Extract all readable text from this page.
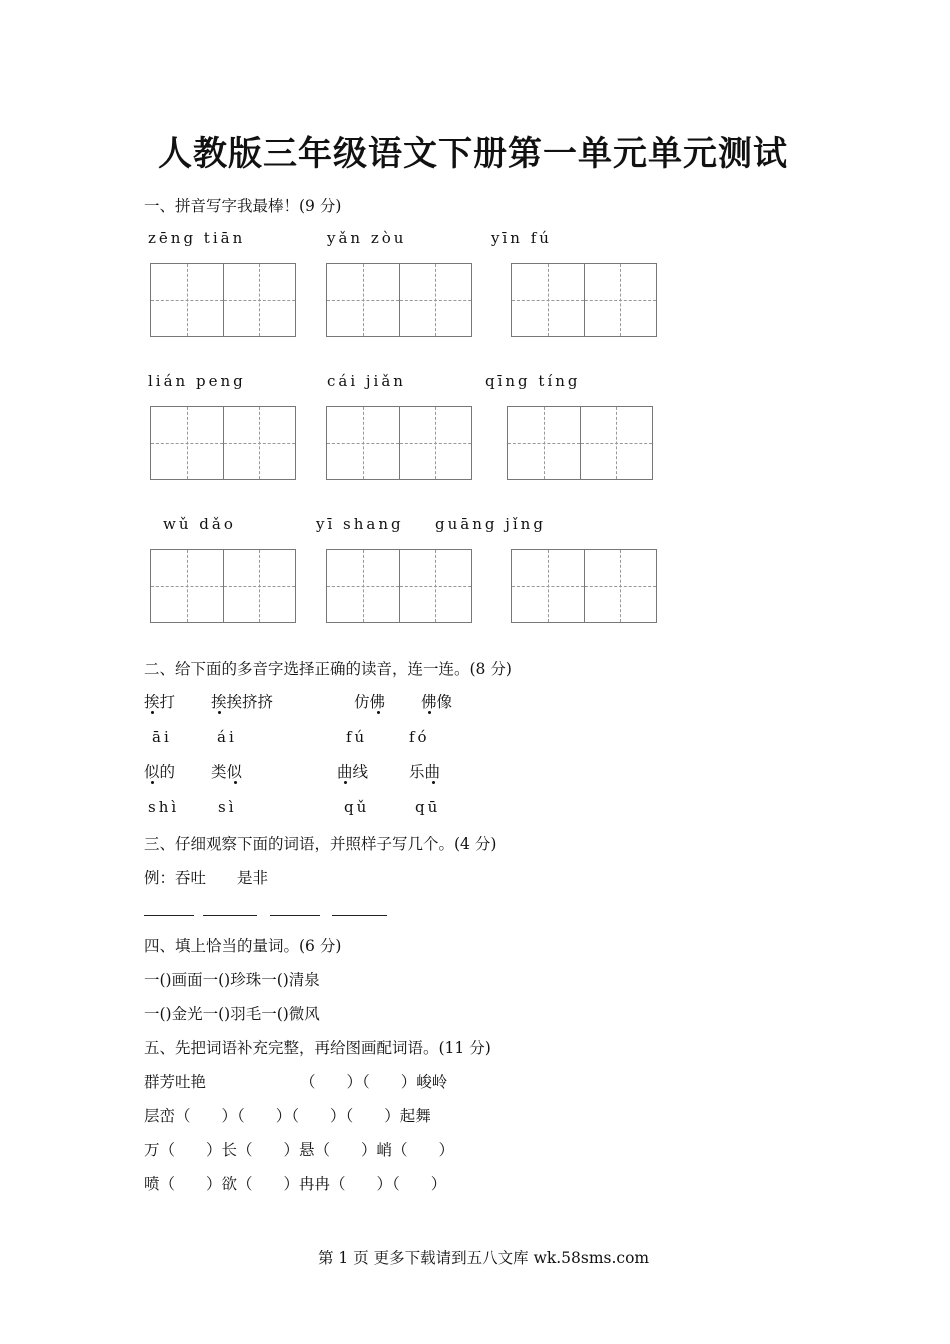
人教版三年级语文下册第一单元单元测试
一、拼音写字我最棒！(9 分)
zēng tiān	yǎn zòu	yīn fú
lián peng	cái jiǎn	qīng tíng
wǔ dǎo	yī shang guāng jǐng
二、给下面的多音字选择正确的读音，连一连。(8 分)
挨打 挨挨挤挤	仿佛 佛像
āi	ái	fú	fó
似的 类似	曲线	乐曲
shì	sì	qǔ	qū
三、仔细观察下面的词语，并照样子写几个。(4 分)
例：吞吐　　是非
四、填上恰当的量词。(6 分)
一()画面一()珍珠一()清泉
一()金光一()羽毛一()微风
五、先把词语补充完整，再给图画配词语。(11 分)
群芳吐艳	（　　）（　　）峻岭
层峦（　　）（　　）（　　）（　　）起舞
万（　　）长（　　）悬（　　）峭（　　）
喷（　　）欲（　　）冉冉（　　）（　　）
第 1 页 更多下载请到五八文库 wk.58sms.com
